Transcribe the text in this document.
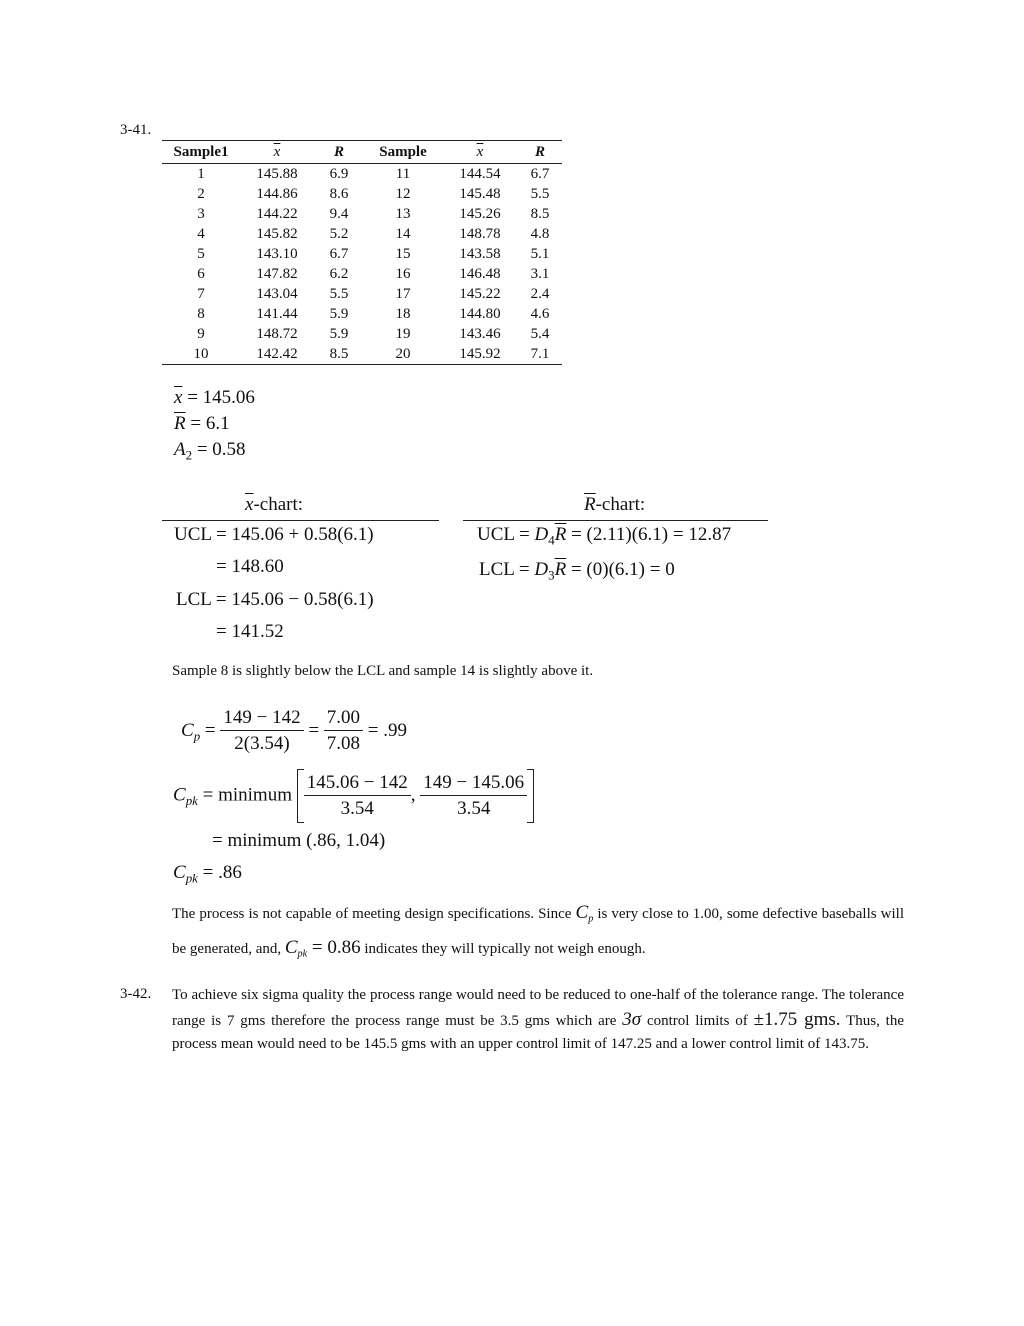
3-41.
Sample1	$\overline{x}$	R	Sample	$\overline{x}$	R
1	145.88	6.9	11	144.54	6.7
2	144.86	8.6	12	145.48	5.5
3	144.22	9.4	13	145.26	8.5
4	145.82	5.2	14	148.78	4.8
5	143.10	6.7	15	143.58	5.1
6	147.82	6.2	16	146.48	3.1
7	143.04	5.5	17	145.22	2.4
8	141.44	5.9	18	144.80	4.6
9	148.72	5.9	19	143.46	5.4
10	142.42	8.5	20	145.92	7.1
$\overline{x} = 145.06$
$\overline{R} = 6.1$
$A_2 = 0.58$
$\overline{x}$-chart:
UCL = 145.06 + 0.58(6.1)
= 148.60
LCL = 145.06 − 0.58(6.1)
= 141.52
$\overline{R}$-chart:
UCL = $D_4\overline{R} = (2.11)(6.1) = 12.87$
LCL = $D_3\overline{R} = (0)(6.1) = 0$
Sample 8 is slightly below the LCL and sample 14 is slightly above it.
$C_p = \frac{149 - 142}{2(3.54)} = \frac{7.00}{7.08} = .99$
$C_{pk}$ = minimum $\frac{145.06 - 142}{3.54}$ , $\frac{149 - 145.06}{3.54}$
= minimum (.86, 1.04)
$C_{pk} = .86$
The process is not capable of meeting design specifications. Since $C_p$ is very close to 1.00, some defective baseballs will be generated, and, $C_{pk} = 0.86$ indicates they will typically not weigh enough.
3-42. To achieve six sigma quality the process range would need to be reduced to one-half of the tolerance range. The tolerance range is 7 gms therefore the process range must be 3.5 gms which are 3σ control limits of ±1.75 gms. Thus, the process mean would need to be 145.5 gms with an upper control limit of 147.25 and a lower control limit of 143.75.
